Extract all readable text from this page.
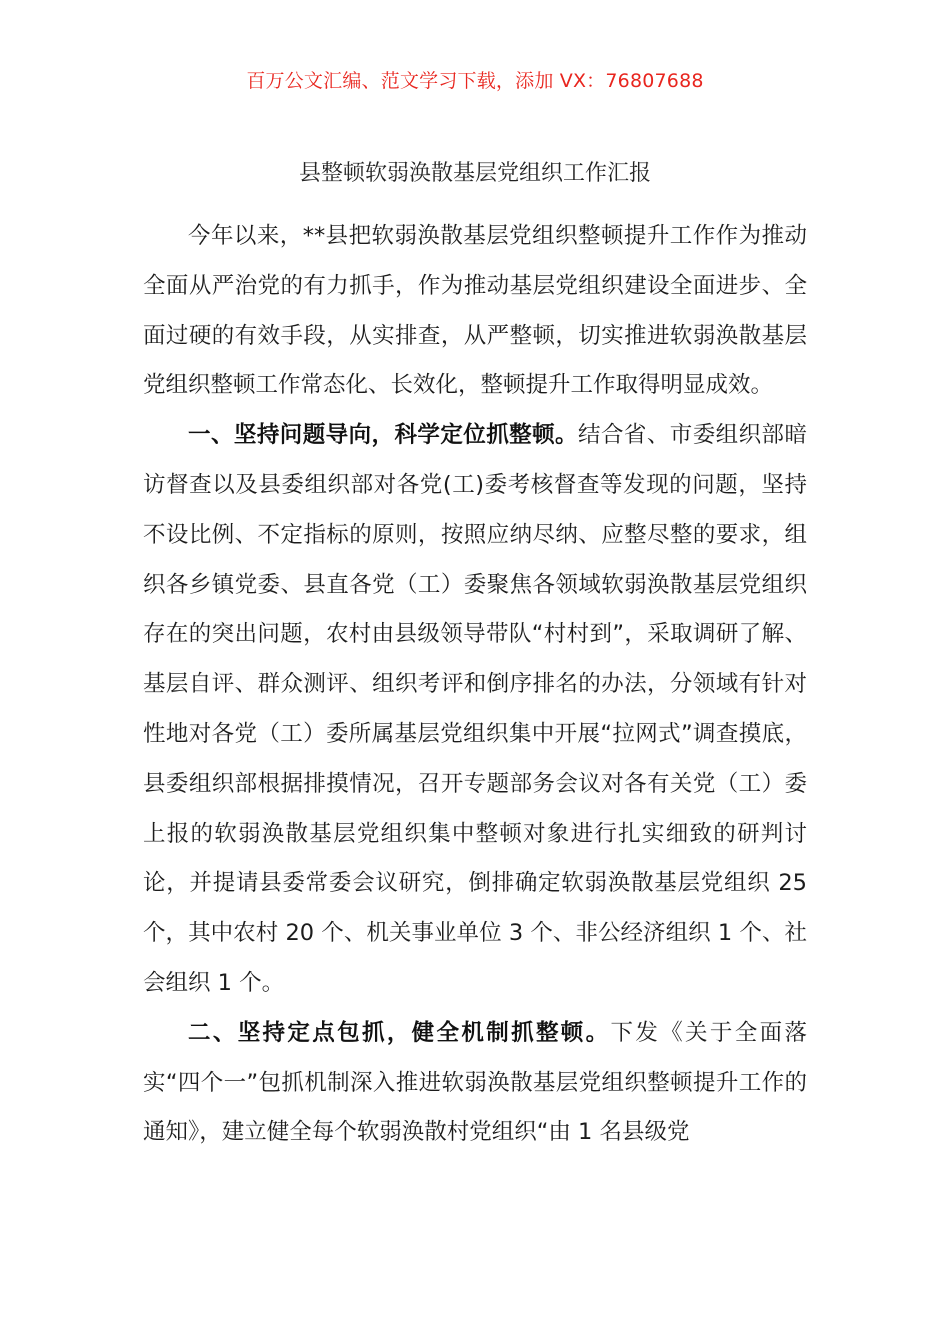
百万公文汇编、范文学习下载，添加 VX：76807688
县整顿软弱涣散基层党组织工作汇报

今年以来，**县把软弱涣散基层党组织整顿提升工作作为推动全面从严治党的有力抓手，作为推动基层党组织建设全面进步、全面过硬的有效手段，从实排查，从严整顿，切实推进软弱涣散基层党组织整顿工作常态化、长效化，整顿提升工作取得明显成效。

一、坚持问题导向，科学定位抓整顿。结合省、市委组织部暗访督查以及县委组织部对各党(工)委考核督查等发现的问题，坚持不设比例、不定指标的原则，按照应纳尽纳、应整尽整的要求，组织各乡镇党委、县直各党（工）委聚焦各领域软弱涣散基层党组织存在的突出问题，农村由县级领导带队“村村到”，采取调研了解、基层自评、群众测评、组织考评和倒序排名的办法，分领域有针对性地对各党（工）委所属基层党组织集中开展“拉网式”调查摸底，县委组织部根据排摸情况，召开专题部务会议对各有关党（工）委上报的软弱涣散基层党组织集中整顿对象进行扎实细致的研判讨论，并提请县委常委会议研究，倒排确定软弱涣散基层党组织 25 个，其中农村 20 个、机关事业单位 3 个、非公经济组织 1 个、社会组织 1 个。

二、坚持定点包抓，健全机制抓整顿。下发《关于全面落实“四个一”包抓机制深入推进软弱涣散基层党组织整顿提升工作的通知》，建立健全每个软弱涣散村党组织“由 1 名县级党
